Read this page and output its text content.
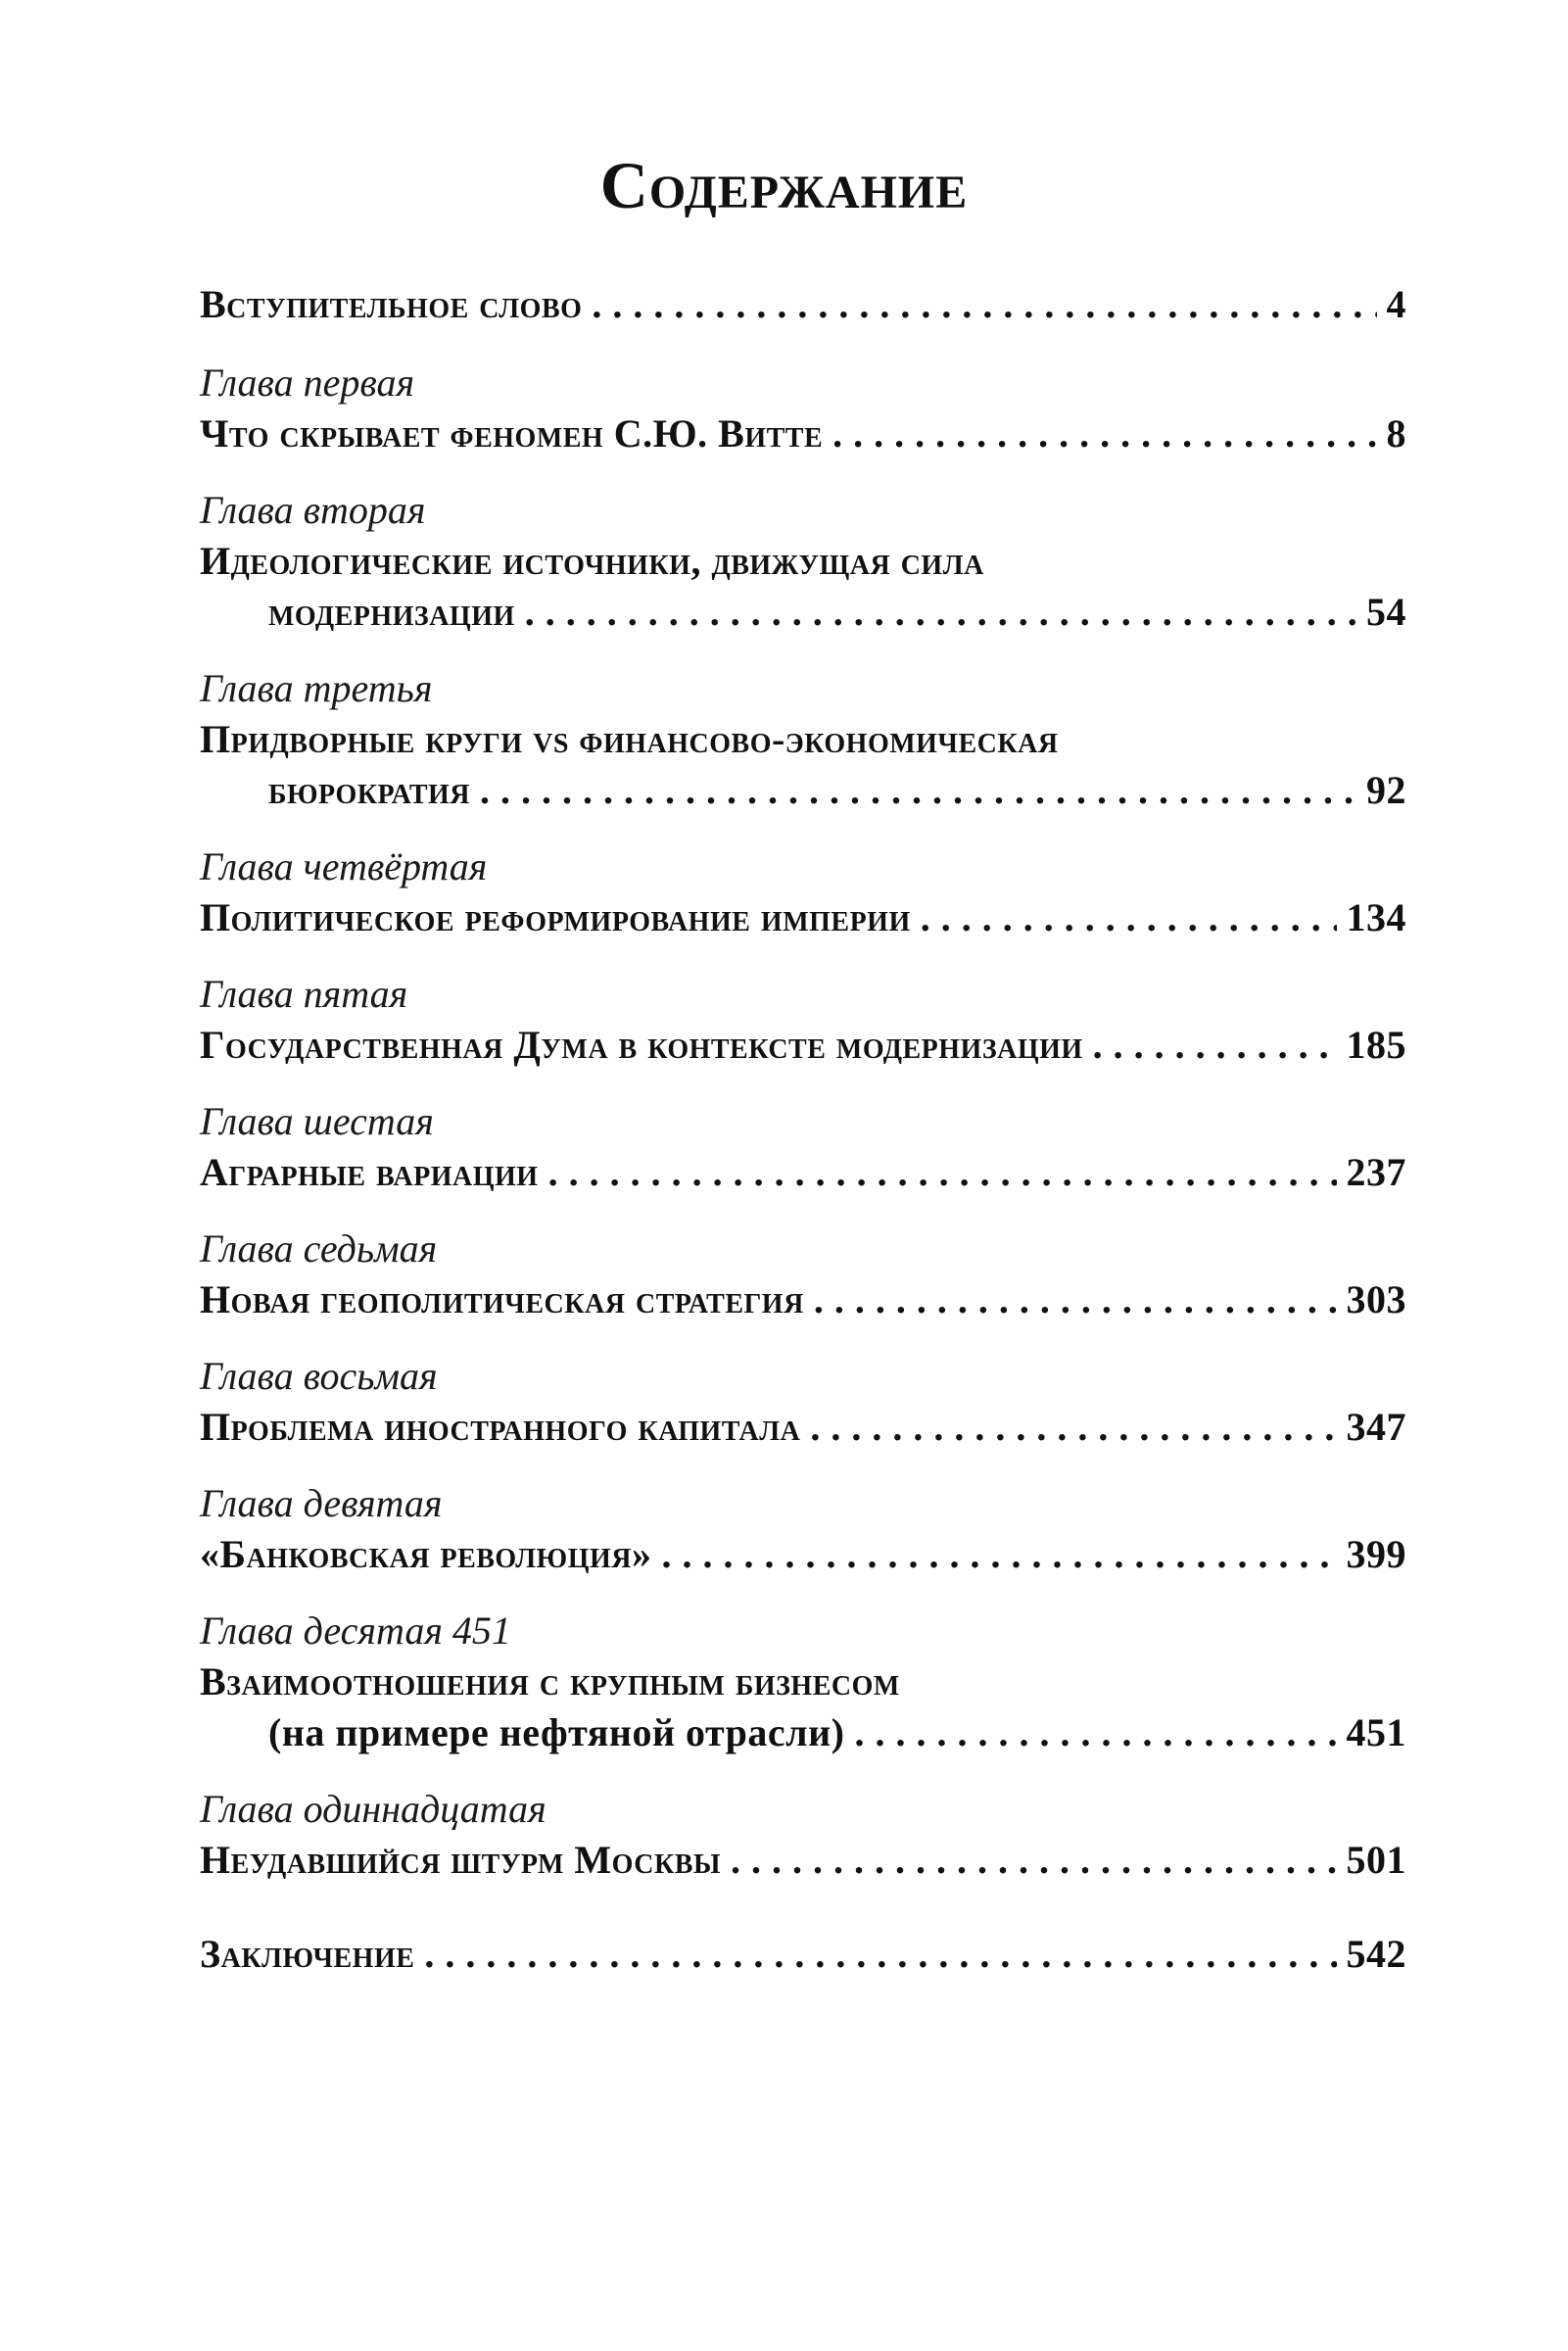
Содержание
Вступительное слово . . .	4
Глава первая
Что скрывает феномен С.Ю. Витте . . .	8
Глава вторая
Идеологические источники, движущая сила
модернизации . . .	54
Глава третья
Придворные круги vs финансово-экономическая
бюрократия . . .	92
Глава четвёртая
Политическое реформирование империи . . .	134
Глава пятая
Государственная Дума в контексте модернизации . . .	185
Глава шестая
Аграрные вариации . . .	237
Глава седьмая
Новая геополитическая стратегия . . .	303
Глава восьмая
Проблема иностранного капитала . . .	347
Глава девятая
«Банковская революция» . . .	399
Глава десятая 451
Взаимоотношения с крупным бизнесом
(на примере нефтяной отрасли) . . .	451
Глава одиннадцатая
Неудавшийся штурм Москвы . . .	501
Заключение . . .	542
